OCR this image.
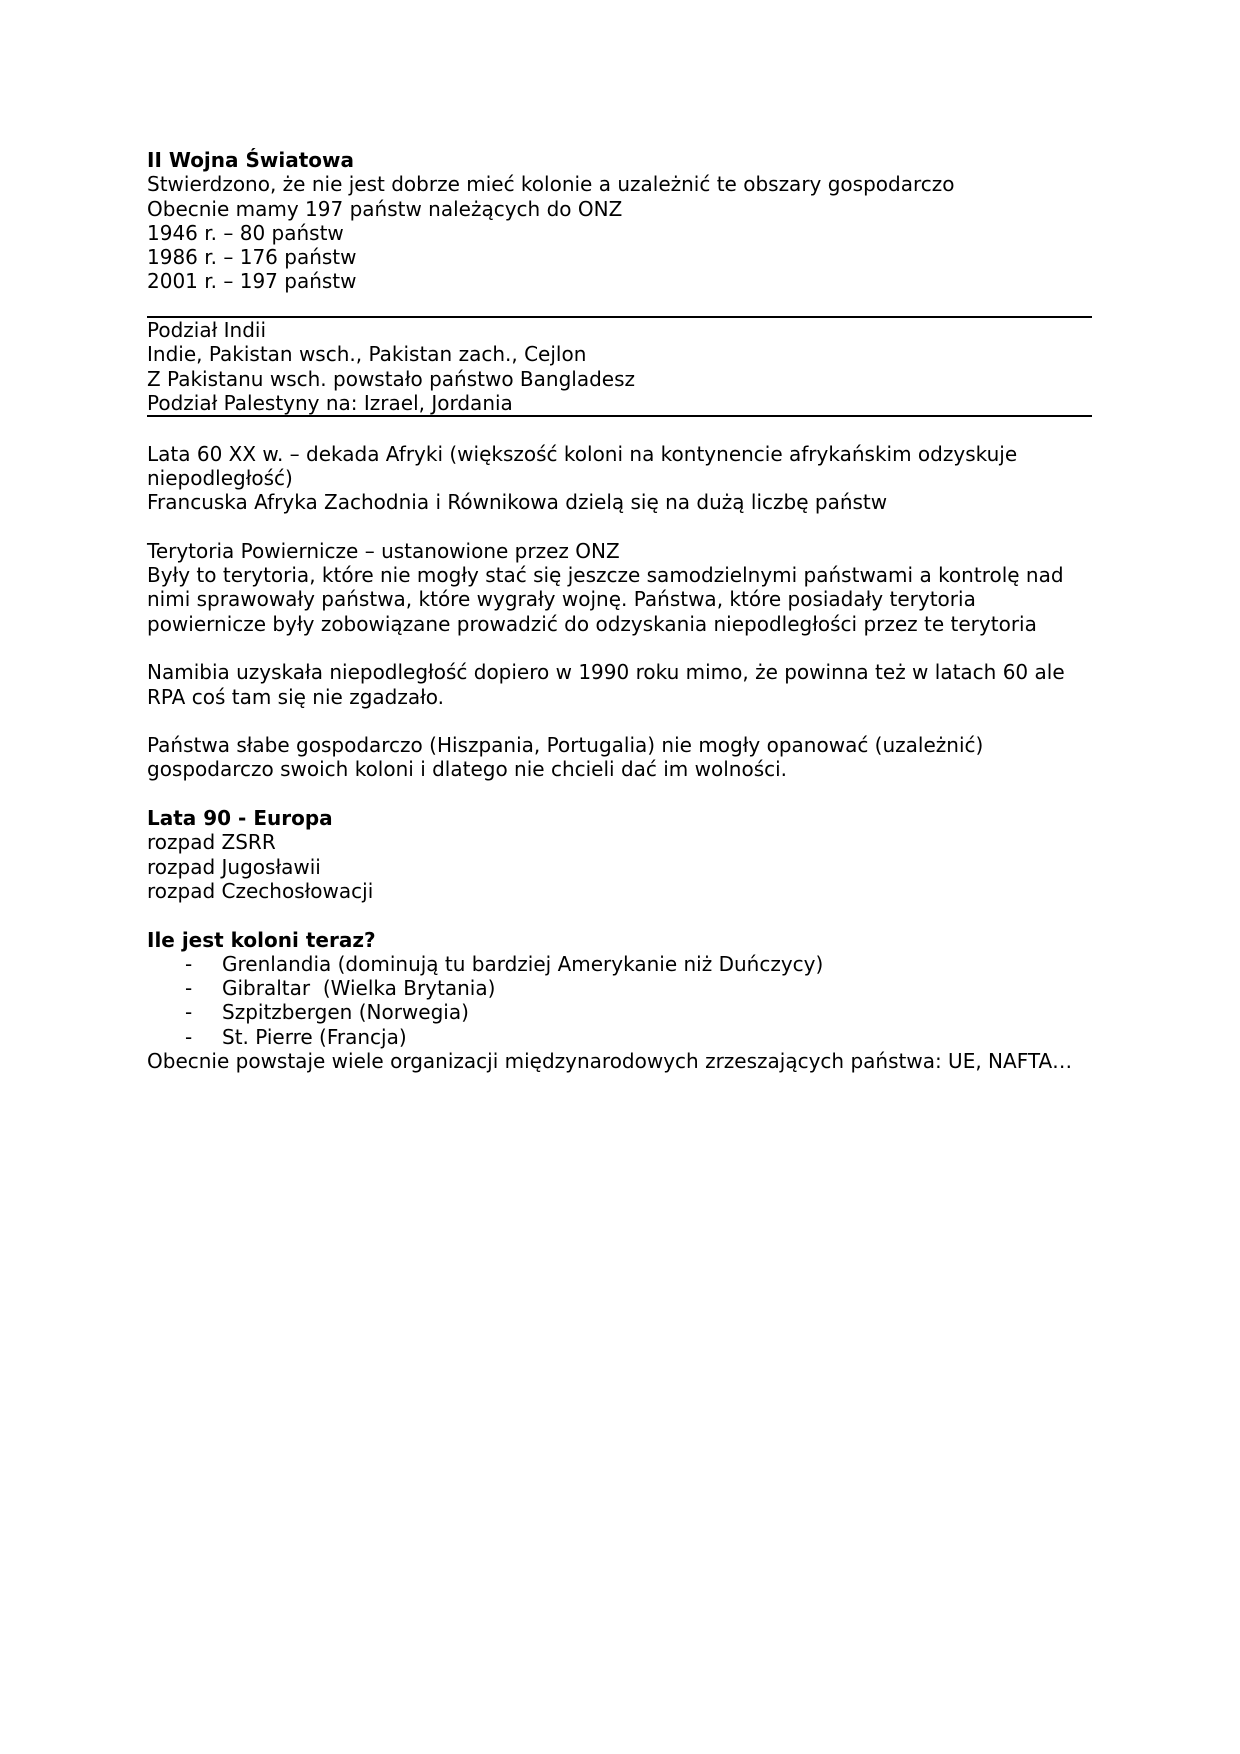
II Wojna Światowa
Stwierdzono, że nie jest dobrze mieć kolonie a uzależnić te obszary gospodarczo
Obecnie mamy 197 państw należących do ONZ
1946 r. – 80 państw
1986 r. – 176 państw
2001 r. – 197 państw
Podział Indii
Indie, Pakistan wsch., Pakistan zach., Cejlon
Z Pakistanu wsch. powstało państwo Bangladesz
Podział Palestyny na: Izrael, Jordania
Lata 60 XX w. – dekada Afryki (większość koloni na kontynencie afrykańskim odzyskuje niepodległość)
Francuska Afryka Zachodnia i Równikowa dzielą się na dużą liczbę państw
Terytoria Powiernicze – ustanowione przez ONZ
Były to terytoria, które nie mogły stać się jeszcze samodzielnymi państwami a kontrolę nad nimi sprawowały państwa, które wygrały wojnę. Państwa, które posiadały terytoria powiernicze były zobowiązane prowadzić do odzyskania niepodległości przez te terytoria
Namibia uzyskała niepodległość dopiero w 1990 roku mimo, że powinna też w latach 60 ale RPA coś tam się nie zgadzało.
Państwa słabe gospodarczo (Hiszpania, Portugalia) nie mogły opanować (uzależnić) gospodarczo swoich koloni i dlatego nie chcieli dać im wolności.
Lata 90 - Europa
rozpad ZSRR
rozpad Jugosławii
rozpad Czechosłowacji
Ile jest koloni teraz?
- Grenlandia (dominują tu bardziej Amerykanie niż Duńczycy)
- Gibraltar  (Wielka Brytania)
- Szpitzbergen (Norwegia)
- St. Pierre (Francja)
Obecnie powstaje wiele organizacji międzynarodowych zrzeszających państwa: UE, NAFTA…
